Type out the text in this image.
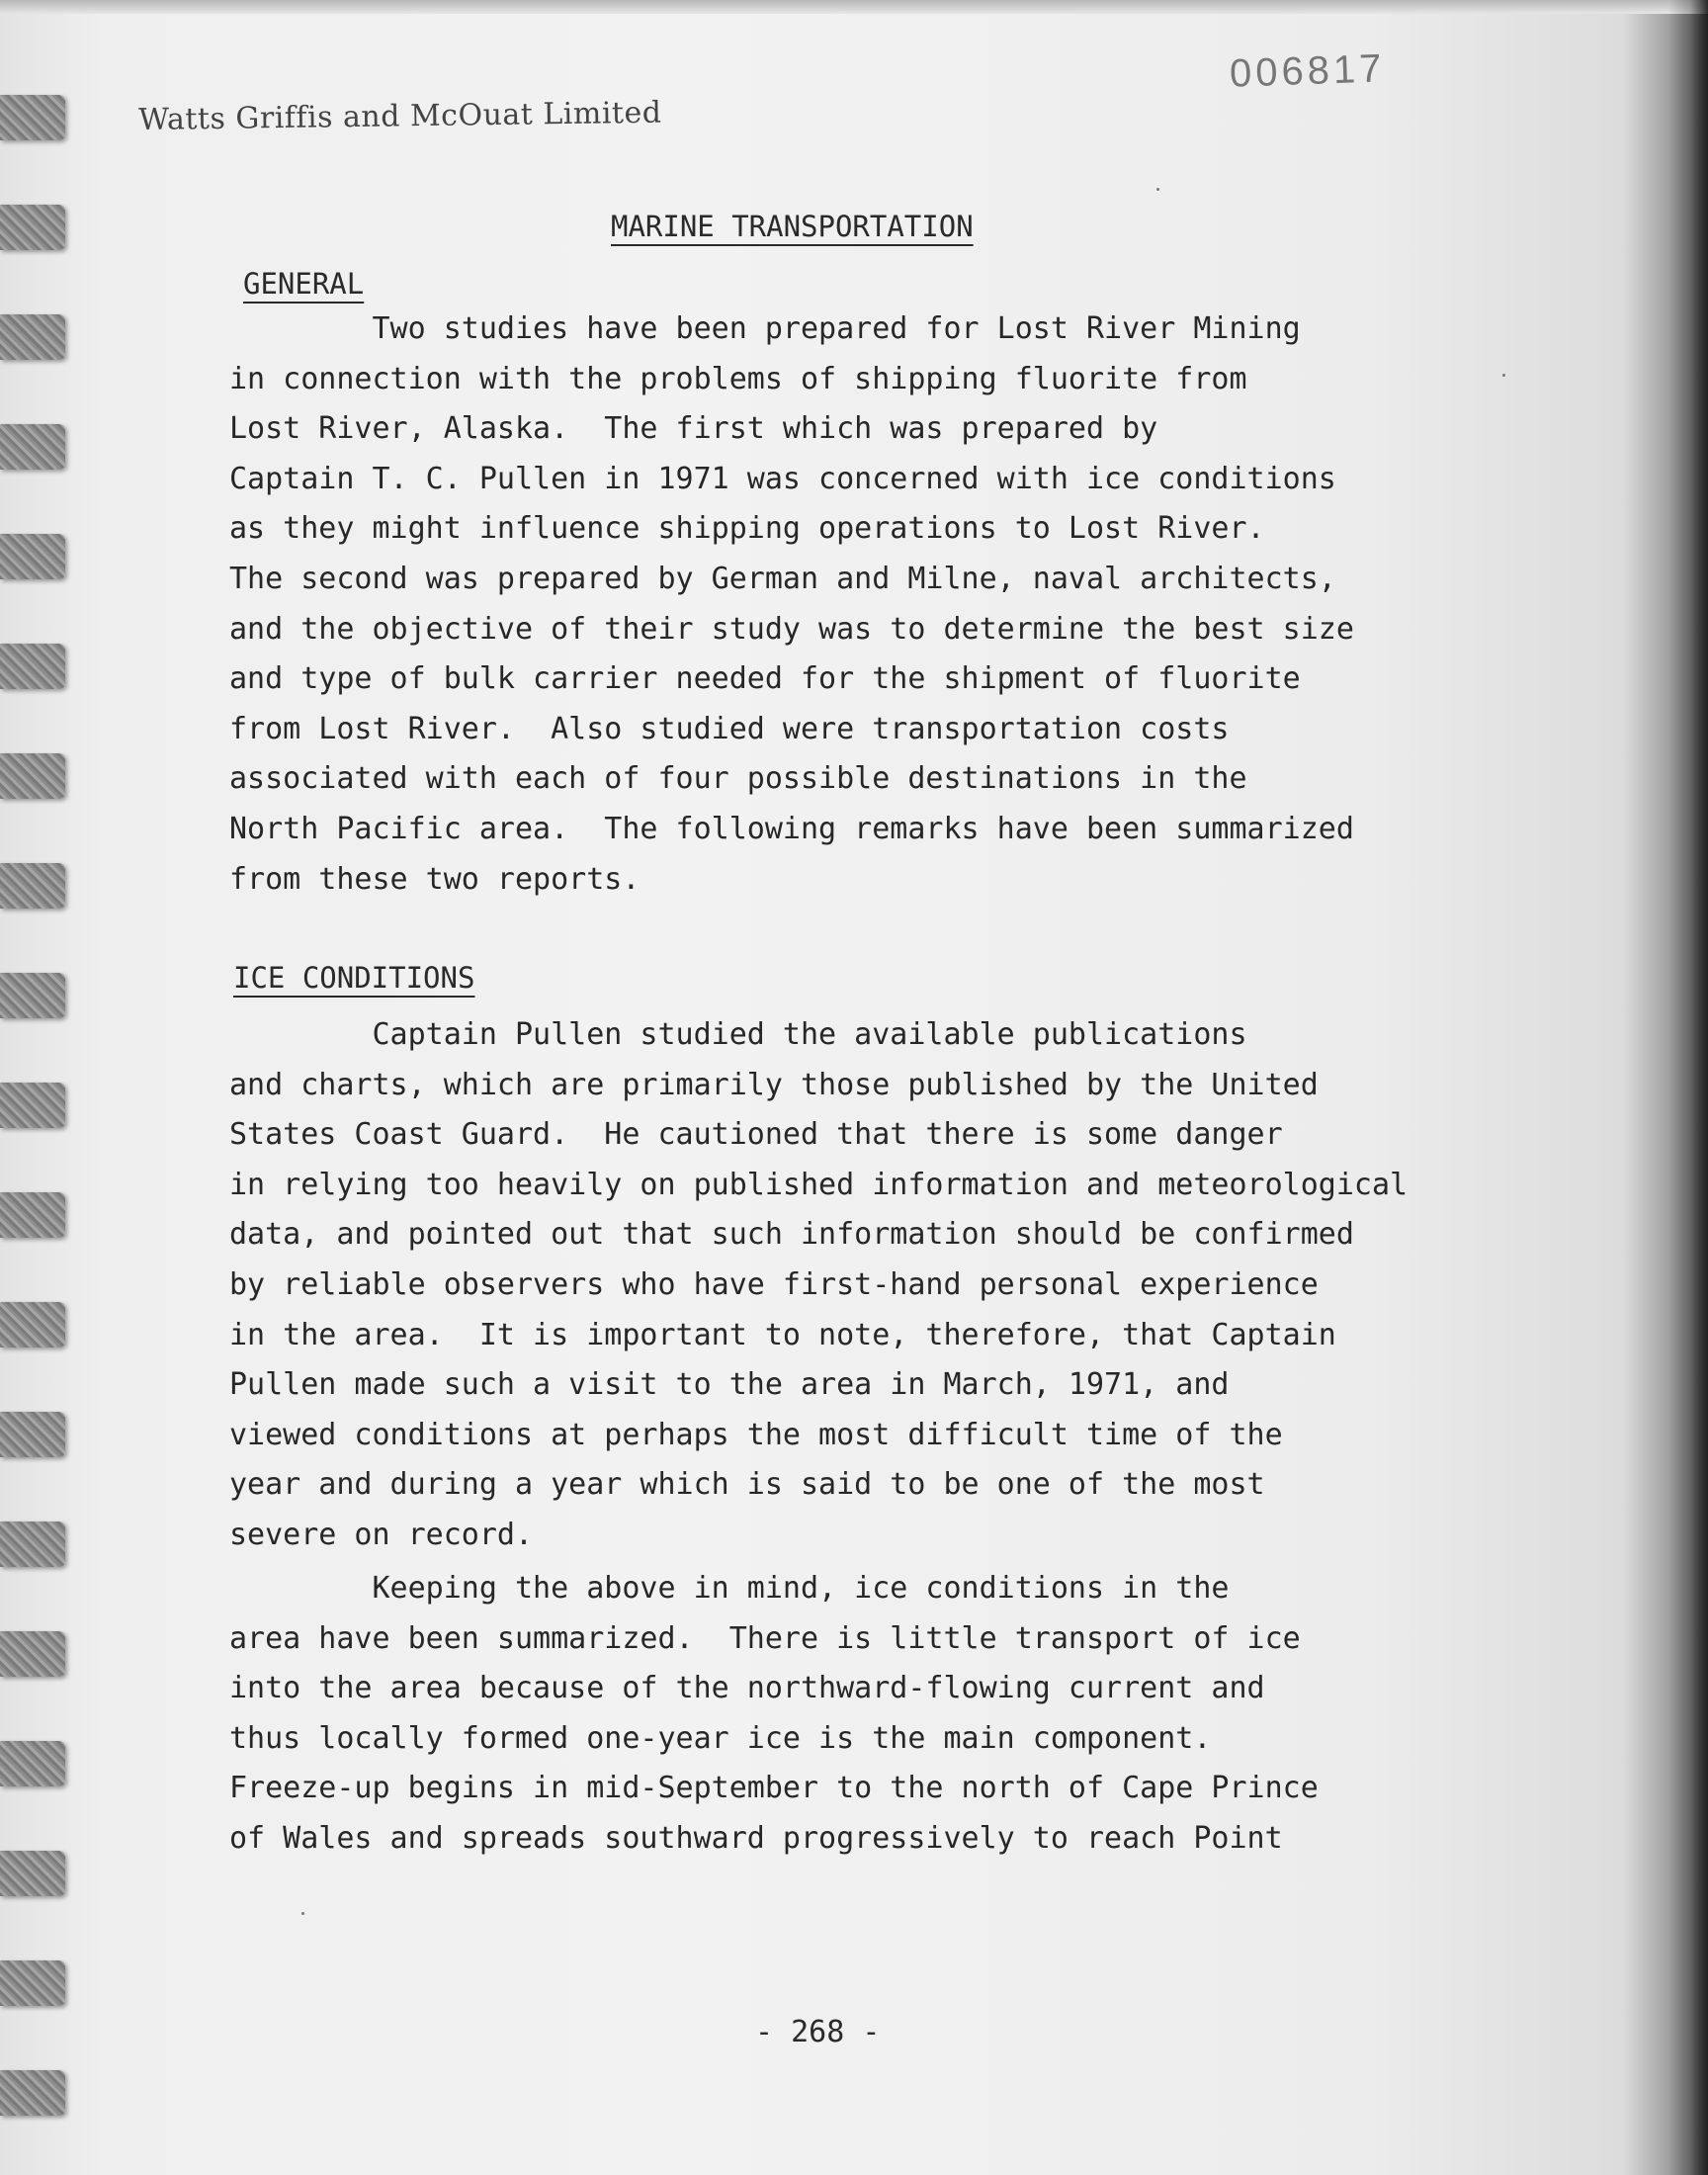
Watts Griffis and McOuat Limited
006817
MARINE TRANSPORTATION
GENERAL
Two studies have been prepared for Lost River Mining
in connection with the problems of shipping fluorite from
Lost River, Alaska.  The first which was prepared by
Captain T. C. Pullen in 1971 was concerned with ice conditions
as they might influence shipping operations to Lost River.
The second was prepared by German and Milne, naval architects,
and the objective of their study was to determine the best size
and type of bulk carrier needed for the shipment of fluorite
from Lost River.  Also studied were transportation costs
associated with each of four possible destinations in the
North Pacific area.  The following remarks have been summarized
from these two reports.
ICE CONDITIONS
Captain Pullen studied the available publications
and charts, which are primarily those published by the United
States Coast Guard.  He cautioned that there is some danger
in relying too heavily on published information and meteorological
data, and pointed out that such information should be confirmed
by reliable observers who have first-hand personal experience
in the area.  It is important to note, therefore, that Captain
Pullen made such a visit to the area in March, 1971, and
viewed conditions at perhaps the most difficult time of the
year and during a year which is said to be one of the most
severe on record.
Keeping the above in mind, ice conditions in the
area have been summarized.  There is little transport of ice
into the area because of the northward-flowing current and
thus locally formed one-year ice is the main component.
Freeze-up begins in mid-September to the north of Cape Prince
of Wales and spreads southward progressively to reach Point
- 268 -
